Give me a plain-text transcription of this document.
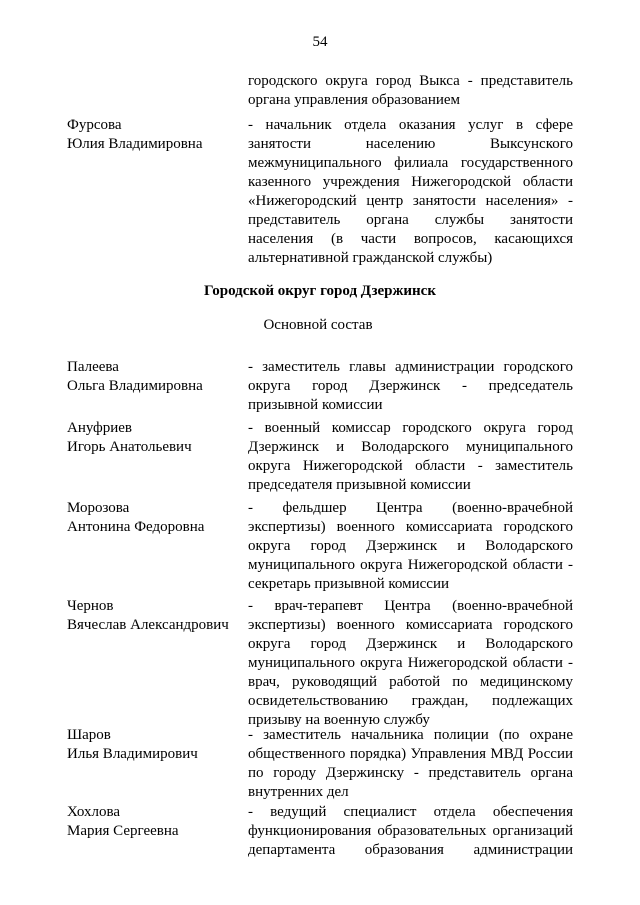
54
городского округа город Выкса - представитель
органа управления образованием
Фурсова
Юлия Владимировна
- начальник отдела оказания услуг в сфере
занятости населению Выксунского
межмуниципального филиала государственного
казенного учреждения Нижегородской области
«Нижегородский центр занятости населения» -
представитель органа службы занятости
населения (в части вопросов, касающихся
альтернативной гражданской службы)
Городской округ город Дзержинск
Основной состав
Палеева
Ольга Владимировна
- заместитель главы администрации городского
округа город Дзержинск - председатель
призывной комиссии
Ануфриев
Игорь Анатольевич
- военный комиссар городского округа город
Дзержинск и Володарского муниципального
округа Нижегородской области - заместитель
председателя призывной комиссии
Морозова
Антонина Федоровна
- фельдшер Центра (военно-врачебной
экспертизы) военного комиссариата городского
округа город Дзержинск и Володарского
муниципального округа Нижегородской области -
секретарь призывной комиссии
Чернов
Вячеслав Александрович
- врач-терапевт Центра (военно-врачебной
экспертизы) военного комиссариата городского
округа город Дзержинск и Володарского
муниципального округа Нижегородской области -
врач, руководящий работой по медицинскому
освидетельствованию граждан, подлежащих
призыву на военную службу
Шаров
Илья Владимирович
- заместитель начальника полиции (по охране
общественного порядка) Управления МВД России
по городу Дзержинску - представитель органа
внутренних дел
Хохлова
Мария Сергеевна
- ведущий специалист отдела обеспечения
функционирования образовательных организаций
департамента образования администрации
